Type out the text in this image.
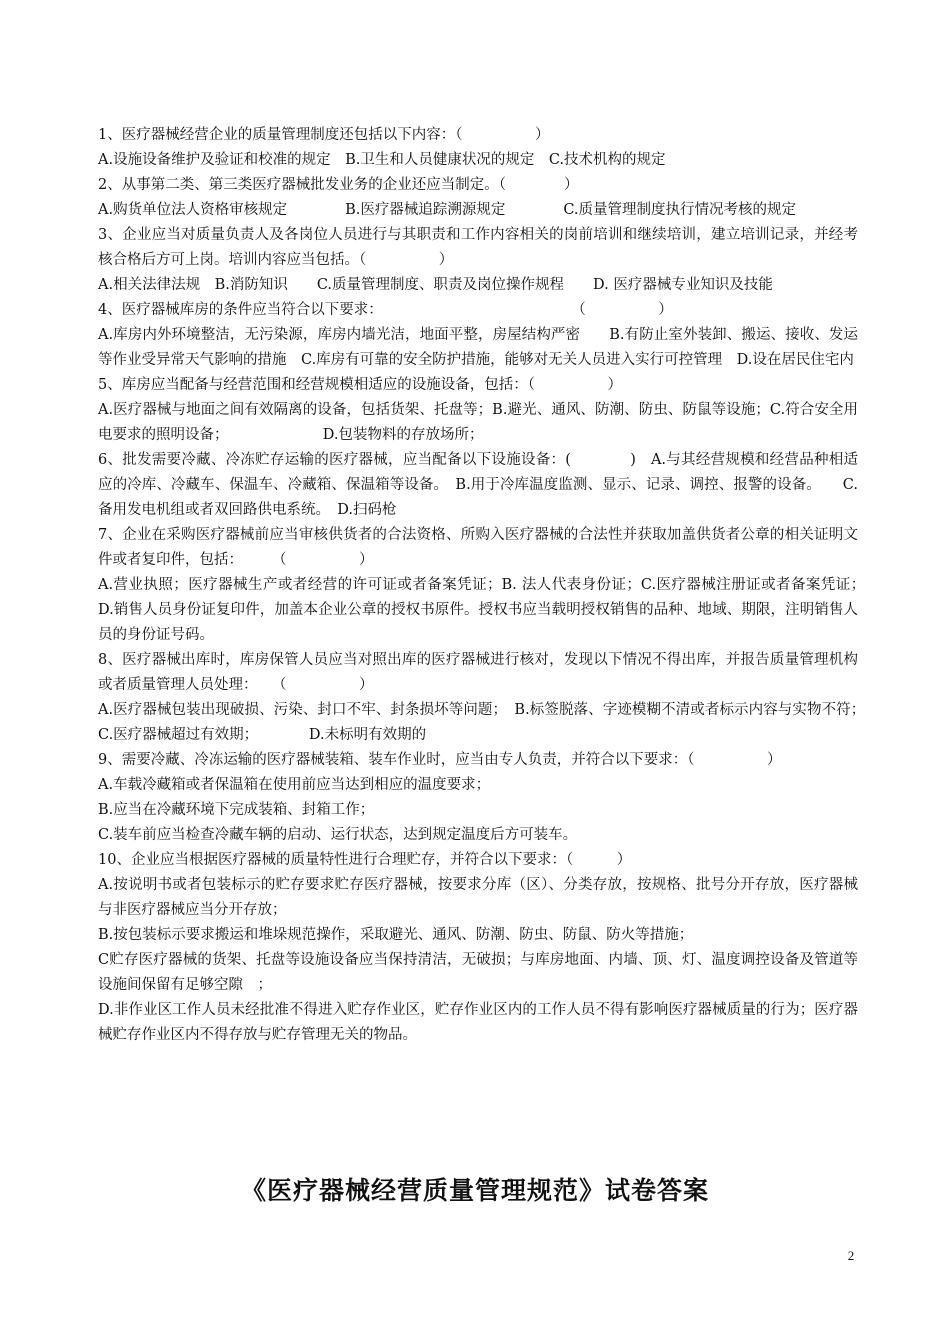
1、医疗器械经营企业的质量管理制度还包括以下内容：（　　　　　）

A.设施设备维护及验证和校准的规定　B.卫生和人员健康状况的规定　C.技术机构的规定

2、从事第二类、第三类医疗器械批发业务的企业还应当制定。（　　　　）

A.购货单位法人资格审核规定　　　　B.医疗器械追踪溯源规定　　　　C.质量管理制度执行情况考核的规定

3、企业应当对质量负责人及各岗位人员进行与其职责和工作内容相关的岗前培训和继续培训，建立培训记录，并经考核合格后方可上岗。培训内容应当包括。（　　　　　）

A.相关法律法规　B.消防知识　　C.质量管理制度、职责及岗位操作规程　　D. 医疗器械专业知识及技能

4、医疗器械库房的条件应当符合以下要求：　　　　　　　　　　　　　　（　　　　　）

A.库房内外环境整洁，无污染源，库房内墙光洁，地面平整，房屋结构严密　　B.有防止室外装卸、搬运、接收、发运等作业受异常天气影响的措施　C.库房有可靠的安全防护措施，能够对无关人员进入实行可控管理　D.设在居民住宅内

5、库房应当配备与经营范围和经营规模相适应的设施设备，包括：（　　　　　）

A.医疗器械与地面之间有效隔离的设备，包括货架、托盘等；B.避光、通风、防潮、防虫、防鼠等设施；C.符合安全用电要求的照明设备；　　　　　　　D.包装物料的存放场所；

6、批发需要冷藏、冷冻贮存运输的医疗器械，应当配备以下设施设备：(　　　　)　A.与其经营规模和经营品种相适应的冷库、冷藏车、保温车、冷藏箱、保温箱等设备。　B.用于冷库温度监测、显示、记录、调控、报警的设备。　　C.备用发电机组或者双回路供电系统。　D.扫码枪

7、企业在采购医疗器械前应当审核供货者的合法资格、所购入医疗器械的合法性并获取加盖供货者公章的相关证明文件或者复印件，包括：　　　（　　　　　）

A.营业执照；医疗器械生产或者经营的许可证或者备案凭证；B. 法人代表身份证；C.医疗器械注册证或者备案凭证；　D.销售人员身份证复印件，加盖本企业公章的授权书原件。授权书应当载明授权销售的品种、地域、期限，注明销售人员的身份证号码。

8、医疗器械出库时，库房保管人员应当对照出库的医疗器械进行核对，发现以下情况不得出库，并报告质量管理机构或者质量管理人员处理：　　（　　　　　）

A.医疗器械包装出现破损、污染、封口不牢、封条损坏等问题；　B.标签脱落、字迹模糊不清或者标示内容与实物不符；　　　　　C.医疗器械超过有效期；　　　　D.未标明有效期的

9、需要冷藏、冷冻运输的医疗器械装箱、装车作业时，应当由专人负责，并符合以下要求：（　　　　　）

A.车载冷藏箱或者保温箱在使用前应当达到相应的温度要求；

B.应当在冷藏环境下完成装箱、封箱工作；

C.装车前应当检查冷藏车辆的启动、运行状态，达到规定温度后方可装车。

10、企业应当根据医疗器械的质量特性进行合理贮存，并符合以下要求：（　　　）

A.按说明书或者包装标示的贮存要求贮存医疗器械，按要求分库（区）、分类存放，按规格、批号分开存放，医疗器械与非医疗器械应当分开存放；

B.按包装标示要求搬运和堆垛规范操作，采取避光、通风、防潮、防虫、防鼠、防火等措施；

C贮存医疗器械的货架、托盘等设施设备应当保持清洁，无破损；与库房地面、内墙、顶、灯、温度调控设备及管道等设施间保留有足够空隙　；

D.非作业区工作人员未经批准不得进入贮存作业区，贮存作业区内的工作人员不得有影响医疗器械质量的行为；医疗器械贮存作业区内不得存放与贮存管理无关的物品。

《医疗器械经营质量管理规范》试卷答案
2
